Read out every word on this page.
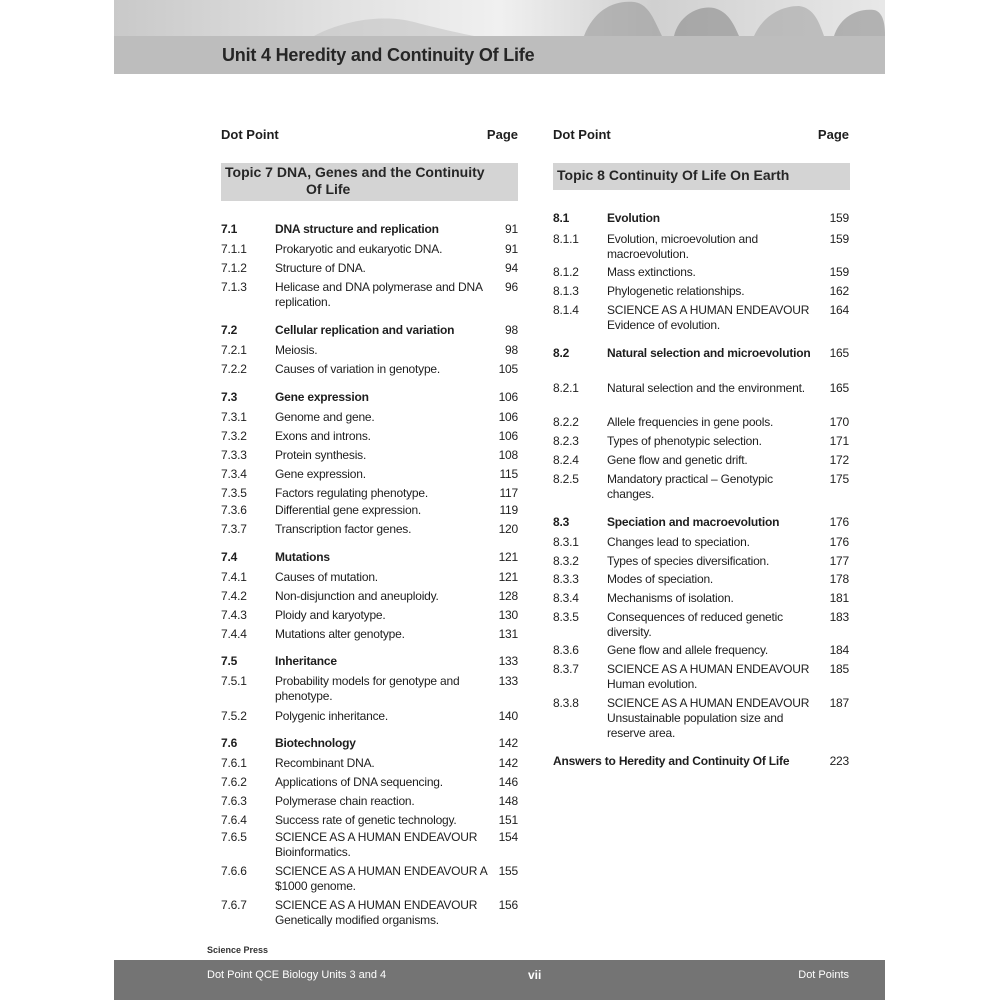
Unit 4 Heredity and Continuity Of Life
Dot Point	Page
Topic 7 DNA, Genes and the Continuity
Of Life
7.1	DNA structure and replication	91
7.1.1 Prokaryotic and eukaryotic DNA.	91
7.1.2 Structure of DNA.	94
7.1.3 Helicase and DNA polymerase and DNA replication.
96
7.2	Cellular replication and variation	98
7.2.1 Meiosis.	98
7.2.2 Causes of variation in genotype.	105
7.3	Gene expression	106
7.3.1 Genome and gene.	106
7.3.2 Exons and introns.	106
7.3.3 Protein synthesis.	108
7.3.4 Gene expression.	115
7.3.5 Factors regulating phenotype.	117
7.3.6 Differential gene expression.	119
7.3.7 Transcription factor genes.	120
7.4	Mutations	121
7.4.1 Causes of mutation.	121
7.4.2 Non-disjunction and aneuploidy.	128
7.4.3 Ploidy and karyotype.	130
7.4.4 Mutations alter genotype.	131
7.5	Inheritance	133
7.5.1 Probability models for genotype and phenotype.
133
7.5.2 Polygenic inheritance.	140
7.6	Biotechnology	142
7.6.1 Recombinant DNA.	142
7.6.2 Applications of DNA sequencing.	146
7.6.3 Polymerase chain reaction.	148
7.6.4 Success rate of genetic technology.	151
7.6.5 SCIENCE AS A HUMAN ENDEAVOUR Bioinformatics.
154
7.6.6 SCIENCE AS A HUMAN ENDEAVOUR A $1000 genome.
155
7.6.7 SCIENCE AS A HUMAN ENDEAVOUR Genetically modified organisms.
156
Dot Point	Page
Topic 8 Continuity Of Life On Earth
8.1	Evolution	159
8.1.1 Evolution, microevolution and macroevolution.
159
8.1.2 Mass extinctions.	159
8.1.3 Phylogenetic relationships.	162
8.1.4 SCIENCE AS A HUMAN ENDEAVOUR Evidence of evolution.
164
8.2	Natural selection and microevolution	165
8.2.1 Natural selection and the environment.	165
8.2.2 Allele frequencies in gene pools.	170
8.2.3 Types of phenotypic selection.	171
8.2.4 Gene flow and genetic drift.	172
8.2.5 Mandatory practical – Genotypic changes.
175
8.3	Speciation and macroevolution	176
8.3.1 Changes lead to speciation.	176
8.3.2 Types of species diversification.	177
8.3.3 Modes of speciation.	178
8.3.4 Mechanisms of isolation.	181
8.3.5 Consequences of reduced genetic diversity.
183
8.3.6 Gene flow and allele frequency.	184
8.3.7 SCIENCE AS A HUMAN ENDEAVOUR Human evolution.
185
8.3.8 SCIENCE AS A HUMAN ENDEAVOUR Unsustainable population size and reserve area.
187
Answers to Heredity and Continuity Of Life	223
Science Press
Dot Point QCE Biology Units 3 and 4	vii	Dot Points
